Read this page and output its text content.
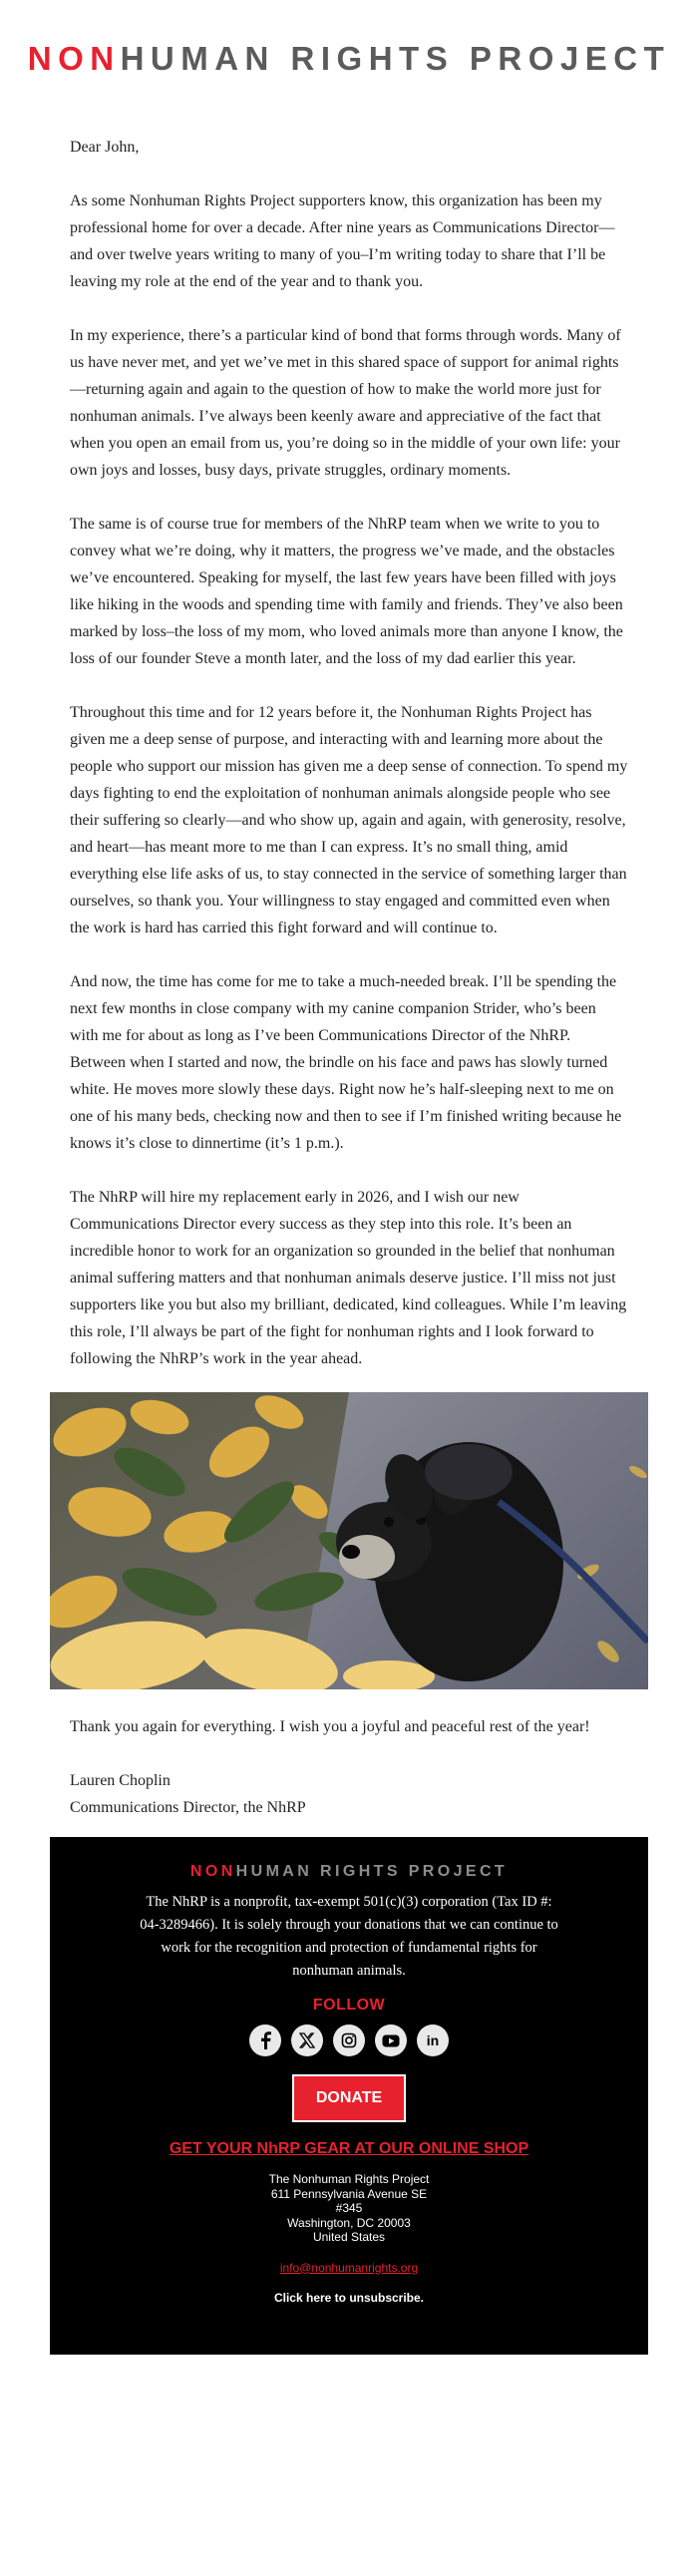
NONHUMAN RIGHTS PROJECT

Dear John,

As some Nonhuman Rights Project supporters know, this organization has been my professional home for over a decade. After nine years as Communications Director—and over twelve years writing to many of you–I’m writing today to share that I’ll be leaving my role at the end of the year and to thank you.

In my experience, there’s a particular kind of bond that forms through words. Many of us have never met, and yet we’ve met in this shared space of support for animal rights—returning again and again to the question of how to make the world more just for nonhuman animals. I’ve always been keenly aware and appreciative of the fact that when you open an email from us, you’re doing so in the middle of your own life: your own joys and losses, busy days, private struggles, ordinary moments.

The same is of course true for members of the NhRP team when we write to you to convey what we’re doing, why it matters, the progress we’ve made, and the obstacles we’ve encountered. Speaking for myself, the last few years have been filled with joys like hiking in the woods and spending time with family and friends. They’ve also been marked by loss–the loss of my mom, who loved animals more than anyone I know, the loss of our founder Steve a month later, and the loss of my dad earlier this year.

Throughout this time and for 12 years before it, the Nonhuman Rights Project has given me a deep sense of purpose, and interacting with and learning more about the people who support our mission has given me a deep sense of connection. To spend my days fighting to end the exploitation of nonhuman animals alongside people who see their suffering so clearly—and who show up, again and again, with generosity, resolve, and heart—has meant more to me than I can express. It’s no small thing, amid everything else life asks of us, to stay connected in the service of something larger than ourselves, so thank you. Your willingness to stay engaged and committed even when the work is hard has carried this fight forward and will continue to.

And now, the time has come for me to take a much-needed break. I’ll be spending the next few months in close company with my canine companion Strider, who’s been with me for about as long as I’ve been Communications Director of the NhRP. Between when I started and now, the brindle on his face and paws has slowly turned white. He moves more slowly these days. Right now he’s half-sleeping next to me on one of his many beds, checking now and then to see if I’m finished writing because he knows it’s close to dinnertime (it’s 1 p.m.).

The NhRP will hire my replacement early in 2026, and I wish our new Communications Director every success as they step into this role. It’s been an incredible honor to work for an organization so grounded in the belief that nonhuman animal suffering matters and that nonhuman animals deserve justice. I’ll miss not just supporters like you but also my brilliant, dedicated, kind colleagues. While I’m leaving this role, I’ll always be part of the fight for nonhuman rights and I look forward to following the NhRP’s work in the year ahead.

Thank you again for everything. I wish you a joyful and peaceful rest of the year!

Lauren Choplin
Communications Director, the NhRP
NONHUMAN RIGHTS PROJECT
The NhRP is a nonprofit, tax-exempt 501(c)(3) corporation (Tax ID #: 04-3289466). It is solely through your donations that we can continue to work for the recognition and protection of fundamental rights for nonhuman animals.
FOLLOW
in
DONATE
GET YOUR NhRP GEAR AT OUR ONLINE SHOP
The Nonhuman Rights Project
611 Pennsylvania Avenue SE
#345
Washington, DC 20003
United States
info@nonhumanrights.org
Click here to unsubscribe.
